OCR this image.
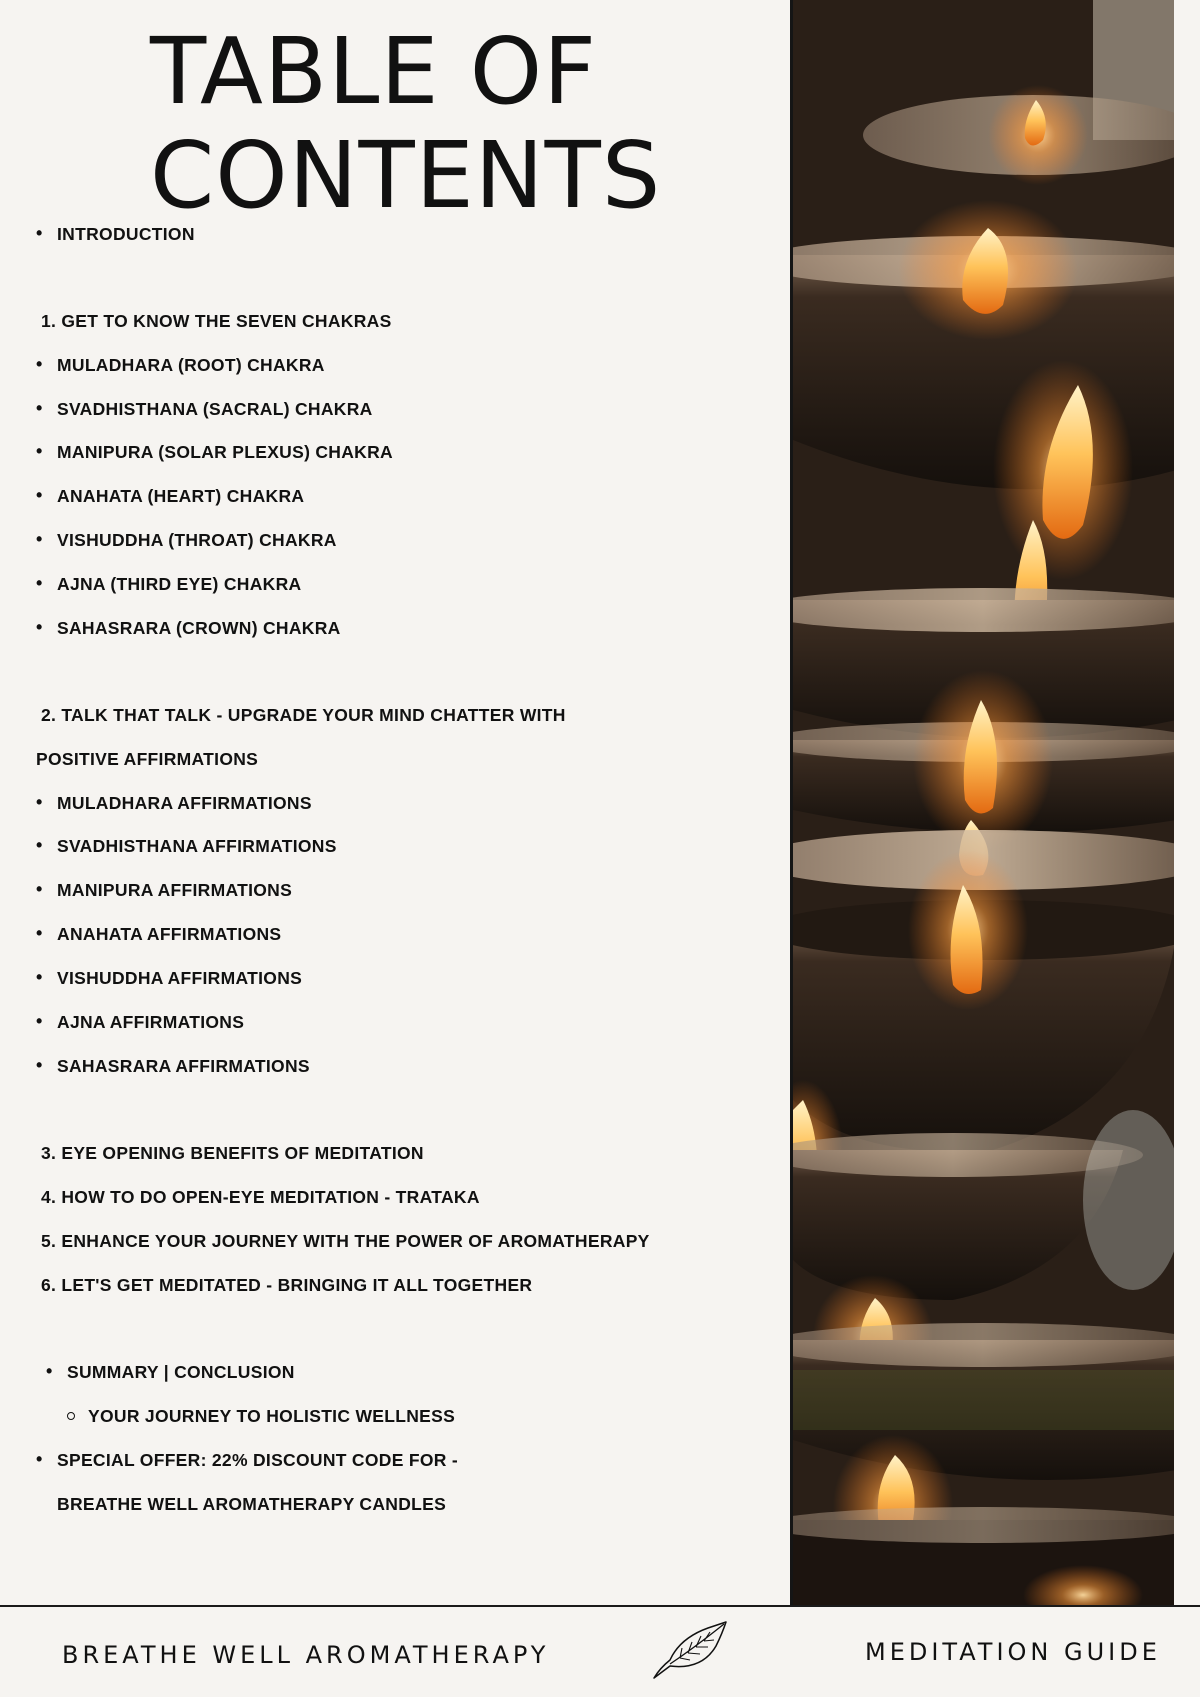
TABLE OF
CONTENTS
• INTRODUCTION
1. GET TO KNOW THE SEVEN CHAKRAS
• MULADHARA (ROOT) CHAKRA
• SVADHISTHANA (SACRAL) CHAKRA
• MANIPURA (SOLAR PLEXUS) CHAKRA
• ANAHATA (HEART) CHAKRA
• VISHUDDHA (THROAT) CHAKRA
• AJNA (THIRD EYE) CHAKRA
• SAHASRARA (CROWN) CHAKRA
2. TALK THAT TALK - UPGRADE YOUR MIND CHATTER WITH
POSITIVE AFFIRMATIONS
• MULADHARA AFFIRMATIONS
• SVADHISTHANA AFFIRMATIONS
• MANIPURA AFFIRMATIONS
• ANAHATA AFFIRMATIONS
• VISHUDDHA AFFIRMATIONS
• AJNA AFFIRMATIONS
• SAHASRARA AFFIRMATIONS
3. EYE OPENING BENEFITS OF MEDITATION
4. HOW TO DO OPEN-EYE MEDITATION - TRATAKA
5. ENHANCE YOUR JOURNEY WITH THE POWER OF AROMATHERAPY
6. LET'S GET MEDITATED - BRINGING IT ALL TOGETHER
• SUMMARY | CONCLUSION
YOUR JOURNEY TO HOLISTIC WELLNESS
• SPECIAL OFFER: 22% DISCOUNT CODE FOR -
BREATHE WELL AROMATHERAPY CANDLES
BREATHE WELL AROMATHERAPY	MEDITATION GUIDE
